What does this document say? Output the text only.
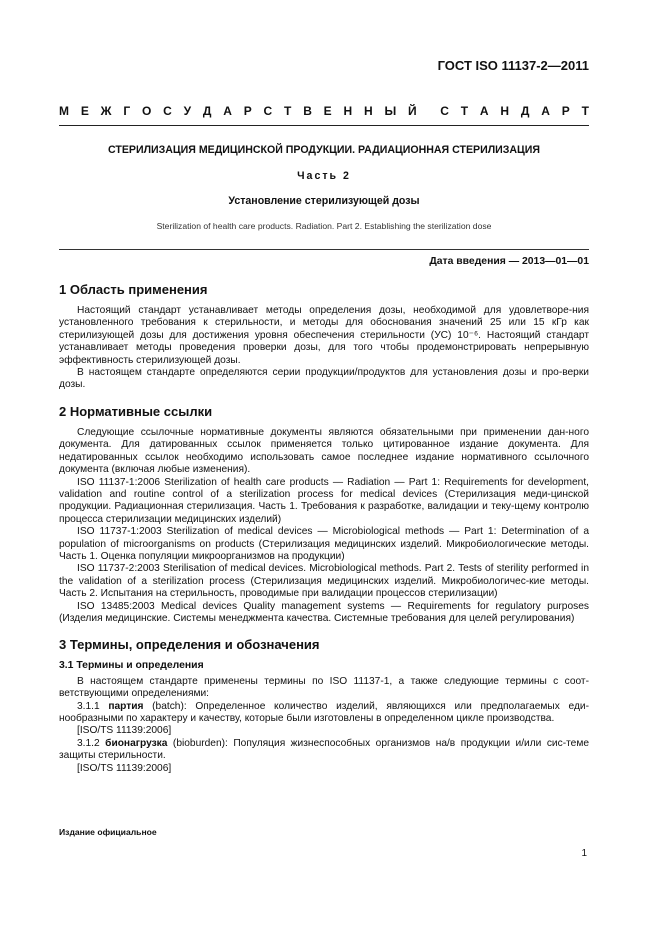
ГОСТ ISO 11137-2—2011
М Е Ж Г О С У Д А Р С Т В Е Н Н Ы Й С Т А Н Д А Р Т
СТЕРИЛИЗАЦИЯ МЕДИЦИНСКОЙ ПРОДУКЦИИ. РАДИАЦИОННАЯ СТЕРИЛИЗАЦИЯ
Часть 2
Установление стерилизующей дозы
Sterilization of health care products. Radiation. Part 2. Establishing the sterilization dose
Дата введения — 2013—01—01
1 Область применения

Настоящий стандарт устанавливает методы определения дозы, необходимой для удовлетворе-ния установленного требования к стерильности, и методы для обоснования значений 25 или 15 кГр как стерилизующей дозы для достижения уровня обеспечения стерильности (УС) 10⁻⁶. Настоящий стандарт устанавливает методы проведения проверки дозы, для того чтобы продемонстрировать непрерывную эффективность стерилизующей дозы.

В настоящем стандарте определяются серии продукции/продуктов для установления дозы и про-верки дозы.

2 Нормативные ссылки

Следующие ссылочные нормативные документы являются обязательными при применении дан-ного документа. Для датированных ссылок применяется только цитированное издание документа. Для недатированных ссылок необходимо использовать самое последнее издание нормативного ссылочного документа (включая любые изменения).

ISO 11137-1:2006 Sterilization of health care products — Radiation — Part 1: Requirements for development, validation and routine control of a sterilization process for medical devices (Стерилизация меди-цинской продукции. Радиационная стерилизация. Часть 1. Требования к разработке, валидации и теку-щему контролю процесса стерилизации медицинских изделий)

ISO 11737-1:2003 Sterilization of medical devices — Microbiological methods — Part 1: Determination of a population of microorganisms on products (Стерилизация медицинских изделий. Микробиологические методы. Часть 1. Оценка популяции микроорганизмов на продукции)

ISO 11737-2:2003 Sterilisation of medical devices. Microbiological methods. Part 2. Tests of sterility performed in the validation of a sterilization process (Стерилизация медицинских изделий. Микробиологичес-кие методы. Часть 2. Испытания на стерильность, проводимые при валидации процессов стерилизации)

ISO 13485:2003 Medical devices Quality management systems — Requirements for regulatory purposes (Изделия медицинские. Системы менеджмента качества. Системные требования для целей регулирования)

3 Термины, определения и обозначения
3.1 Термины и определения

В настоящем стандарте применены термины по ISO 11137-1, а также следующие термины с соот-ветствующими определениями:

3.1.1 партия (batch): Определенное количество изделий, являющихся или предполагаемых еди-нообразными по характеру и качеству, которые были изготовлены в определенном цикле производства.

[ISO/TS 11139:2006]

3.1.2 бионагрузка (bioburden): Популяция жизнеспособных организмов на/в продукции и/или сис-теме защиты стерильности.

[ISO/TS 11139:2006]

Издание официальное
1
